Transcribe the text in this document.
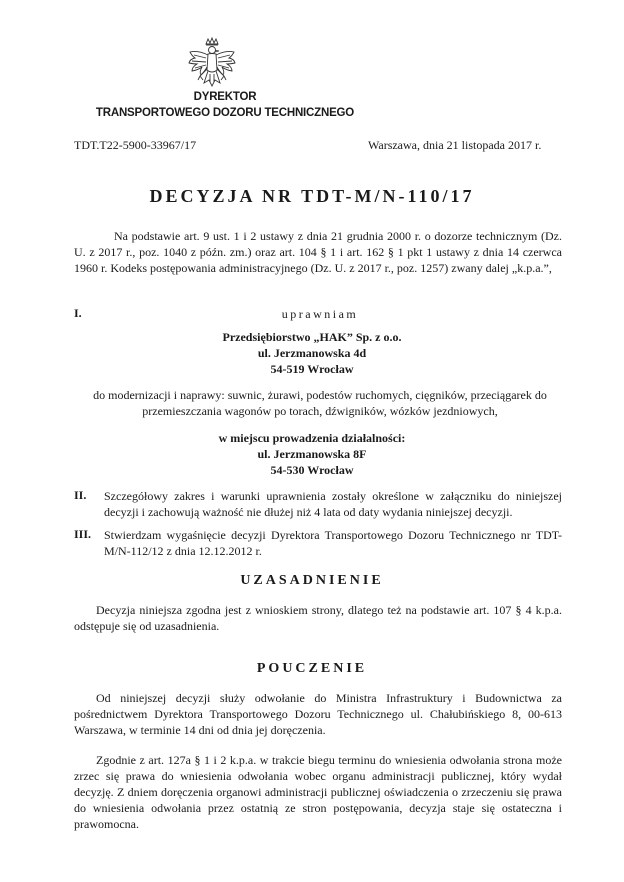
DYREKTOR
TRANSPORTOWEGO DOZORU TECHNICZNEGO
TDT.T22-5900-33967/17	Warszawa, dnia 21 listopada 2017 r.
DECYZJA NR TDT-M/N-110/17
Na podstawie art. 9 ust. 1 i 2 ustawy z dnia 21 grudnia 2000 r. o dozorze technicznym (Dz. U. z 2017 r., poz. 1040 z późn. zm.) oraz art. 104 § 1 i art. 162 § 1 pkt 1 ustawy z dnia 14 czerwca 1960 r. Kodeks postępowania administracyjnego (Dz. U. z 2017 r., poz. 1257) zwany dalej „k.p.a.”,
I.	uprawniam
Przedsiębiorstwo „HAK” Sp. z o.o.
ul. Jerzmanowska 4d
54-519 Wrocław
do modernizacji i naprawy: suwnic, żurawi, podestów ruchomych, cięgników, przeciągarek do przemieszczania wagonów po torach, dźwigników, wózków jezdniowych,
w miejscu prowadzenia działalności:
ul. Jerzmanowska 8F
54-530 Wrocław
II. Szczegółowy zakres i warunki uprawnienia zostały określone w załączniku do niniejszej decyzji i zachowują ważność nie dłużej niż 4 lata od daty wydania niniejszej decyzji.
III. Stwierdzam wygaśnięcie decyzji Dyrektora Transportowego Dozoru Technicznego nr TDT-M/N-112/12 z dnia 12.12.2012 r.
UZASADNIENIE
Decyzja niniejsza zgodna jest z wnioskiem strony, dlatego też na podstawie art. 107 § 4 k.p.a. odstępuje się od uzasadnienia.
POUCZENIE
Od niniejszej decyzji służy odwołanie do Ministra Infrastruktury i Budownictwa za pośrednictwem Dyrektora Transportowego Dozoru Technicznego ul. Chałubińskiego 8, 00-613 Warszawa, w terminie 14 dni od dnia jej doręczenia.
Zgodnie z art. 127a § 1 i 2 k.p.a. w trakcie biegu terminu do wniesienia odwołania strona może zrzec się prawa do wniesienia odwołania wobec organu administracji publicznej, który wydał decyzję. Z dniem doręczenia organowi administracji publicznej oświadczenia o zrzeczeniu się prawa do wniesienia odwołania przez ostatnią ze stron postępowania, decyzja staje się ostateczna i prawomocna.
